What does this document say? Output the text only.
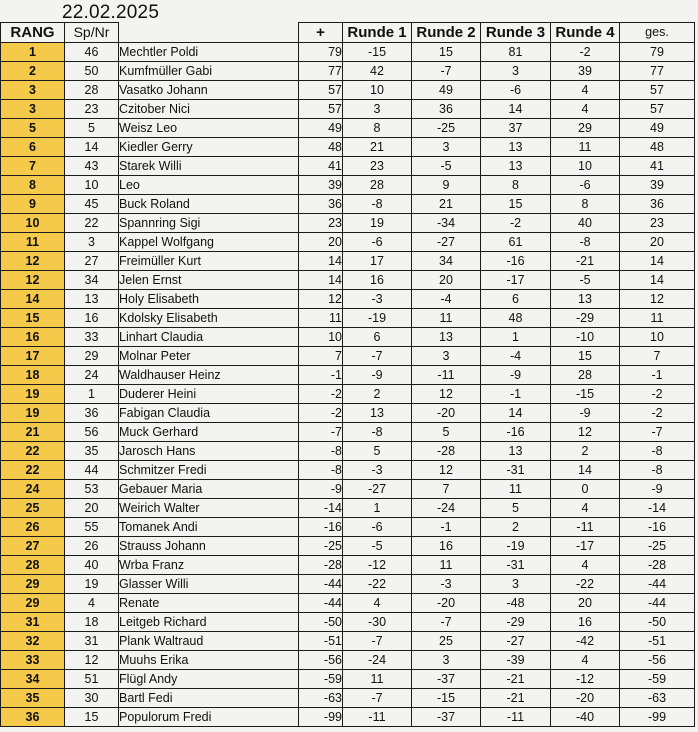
22.02.2025
RANG	Sp/Nr		+	Runde 1	Runde 2	Runde 3	Runde 4	ges.
1	46	Mechtler Poldi	79	-15	15	81	-2	79
2	50	Kumfmüller Gabi	77	42	-7	3	39	77
3	28	Vasatko Johann	57	10	49	-6	4	57
3	23	Czitober Nici	57	3	36	14	4	57
5	5	Weisz Leo	49	8	-25	37	29	49
6	14	Kiedler Gerry	48	21	3	13	11	48
7	43	Starek Willi	41	23	-5	13	10	41
8	10	Leo	39	28	9	8	-6	39
9	45	Buck Roland	36	-8	21	15	8	36
10	22	Spannring Sigi	23	19	-34	-2	40	23
11	3	Kappel Wolfgang	20	-6	-27	61	-8	20
12	27	Freimüller Kurt	14	17	34	-16	-21	14
12	34	Jelen Ernst	14	16	20	-17	-5	14
14	13	Holy Elisabeth	12	-3	-4	6	13	12
15	16	Kdolsky Elisabeth	11	-19	11	48	-29	11
16	33	Linhart Claudia	10	6	13	1	-10	10
17	29	Molnar Peter	7	-7	3	-4	15	7
18	24	Waldhauser Heinz	-1	-9	-11	-9	28	-1
19	1	Duderer Heini	-2	2	12	-1	-15	-2
19	36	Fabigan Claudia	-2	13	-20	14	-9	-2
21	56	Muck Gerhard	-7	-8	5	-16	12	-7
22	35	Jarosch Hans	-8	5	-28	13	2	-8
22	44	Schmitzer Fredi	-8	-3	12	-31	14	-8
24	53	Gebauer Maria	-9	-27	7	11	0	-9
25	20	Weirich Walter	-14	1	-24	5	4	-14
26	55	Tomanek Andi	-16	-6	-1	2	-11	-16
27	26	Strauss Johann	-25	-5	16	-19	-17	-25
28	40	Wrba Franz	-28	-12	11	-31	4	-28
29	19	Glasser Willi	-44	-22	-3	3	-22	-44
29	4	Renate	-44	4	-20	-48	20	-44
31	18	Leitgeb Richard	-50	-30	-7	-29	16	-50
32	31	Plank Waltraud	-51	-7	25	-27	-42	-51
33	12	Muuhs Erika	-56	-24	3	-39	4	-56
34	51	Flügl Andy	-59	11	-37	-21	-12	-59
35	30	Bartl Fedi	-63	-7	-15	-21	-20	-63
36	15	Populorum Fredi	-99	-11	-37	-11	-40	-99
